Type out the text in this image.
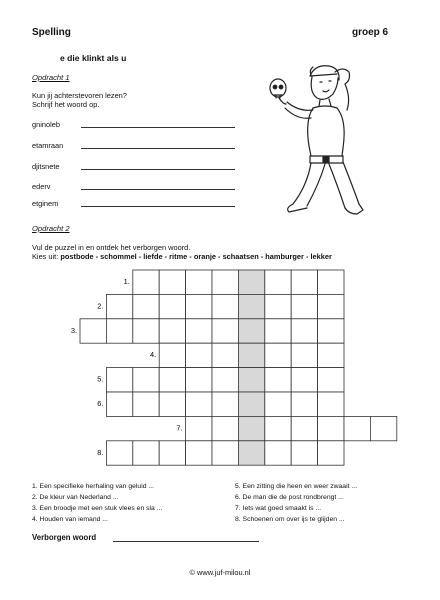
Spelling	groep 6
e die klinkt als u
Opdracht 1
Kun jij achterstevoren lezen?
Schrijf het woord op.
gninoleb
etamraan
djitsnete
ederv
etginem
Opdracht 2
Vul de puzzel in en ontdek het verborgen woord.
Kies uit: postbode - schommel - liefde - ritme - oranje - schaatsen - hamburger - lekker
1.
2.
3.
4.
5.
6.
7.
8.
1. Een specifieke herhaling van geluid ...
2. De kleur van Nederland ...
3. Een broodje met een stuk vlees en sla ...
4. Houden van iemand ...
5. Een zitting die heen en weer zwaait ...
6. De man die de post rondbrengt ...
7. Iets wat goed smaakt is ...
8. Schoenen om over ijs te glijden ...
Verborgen woord
© www.juf-milou.nl
